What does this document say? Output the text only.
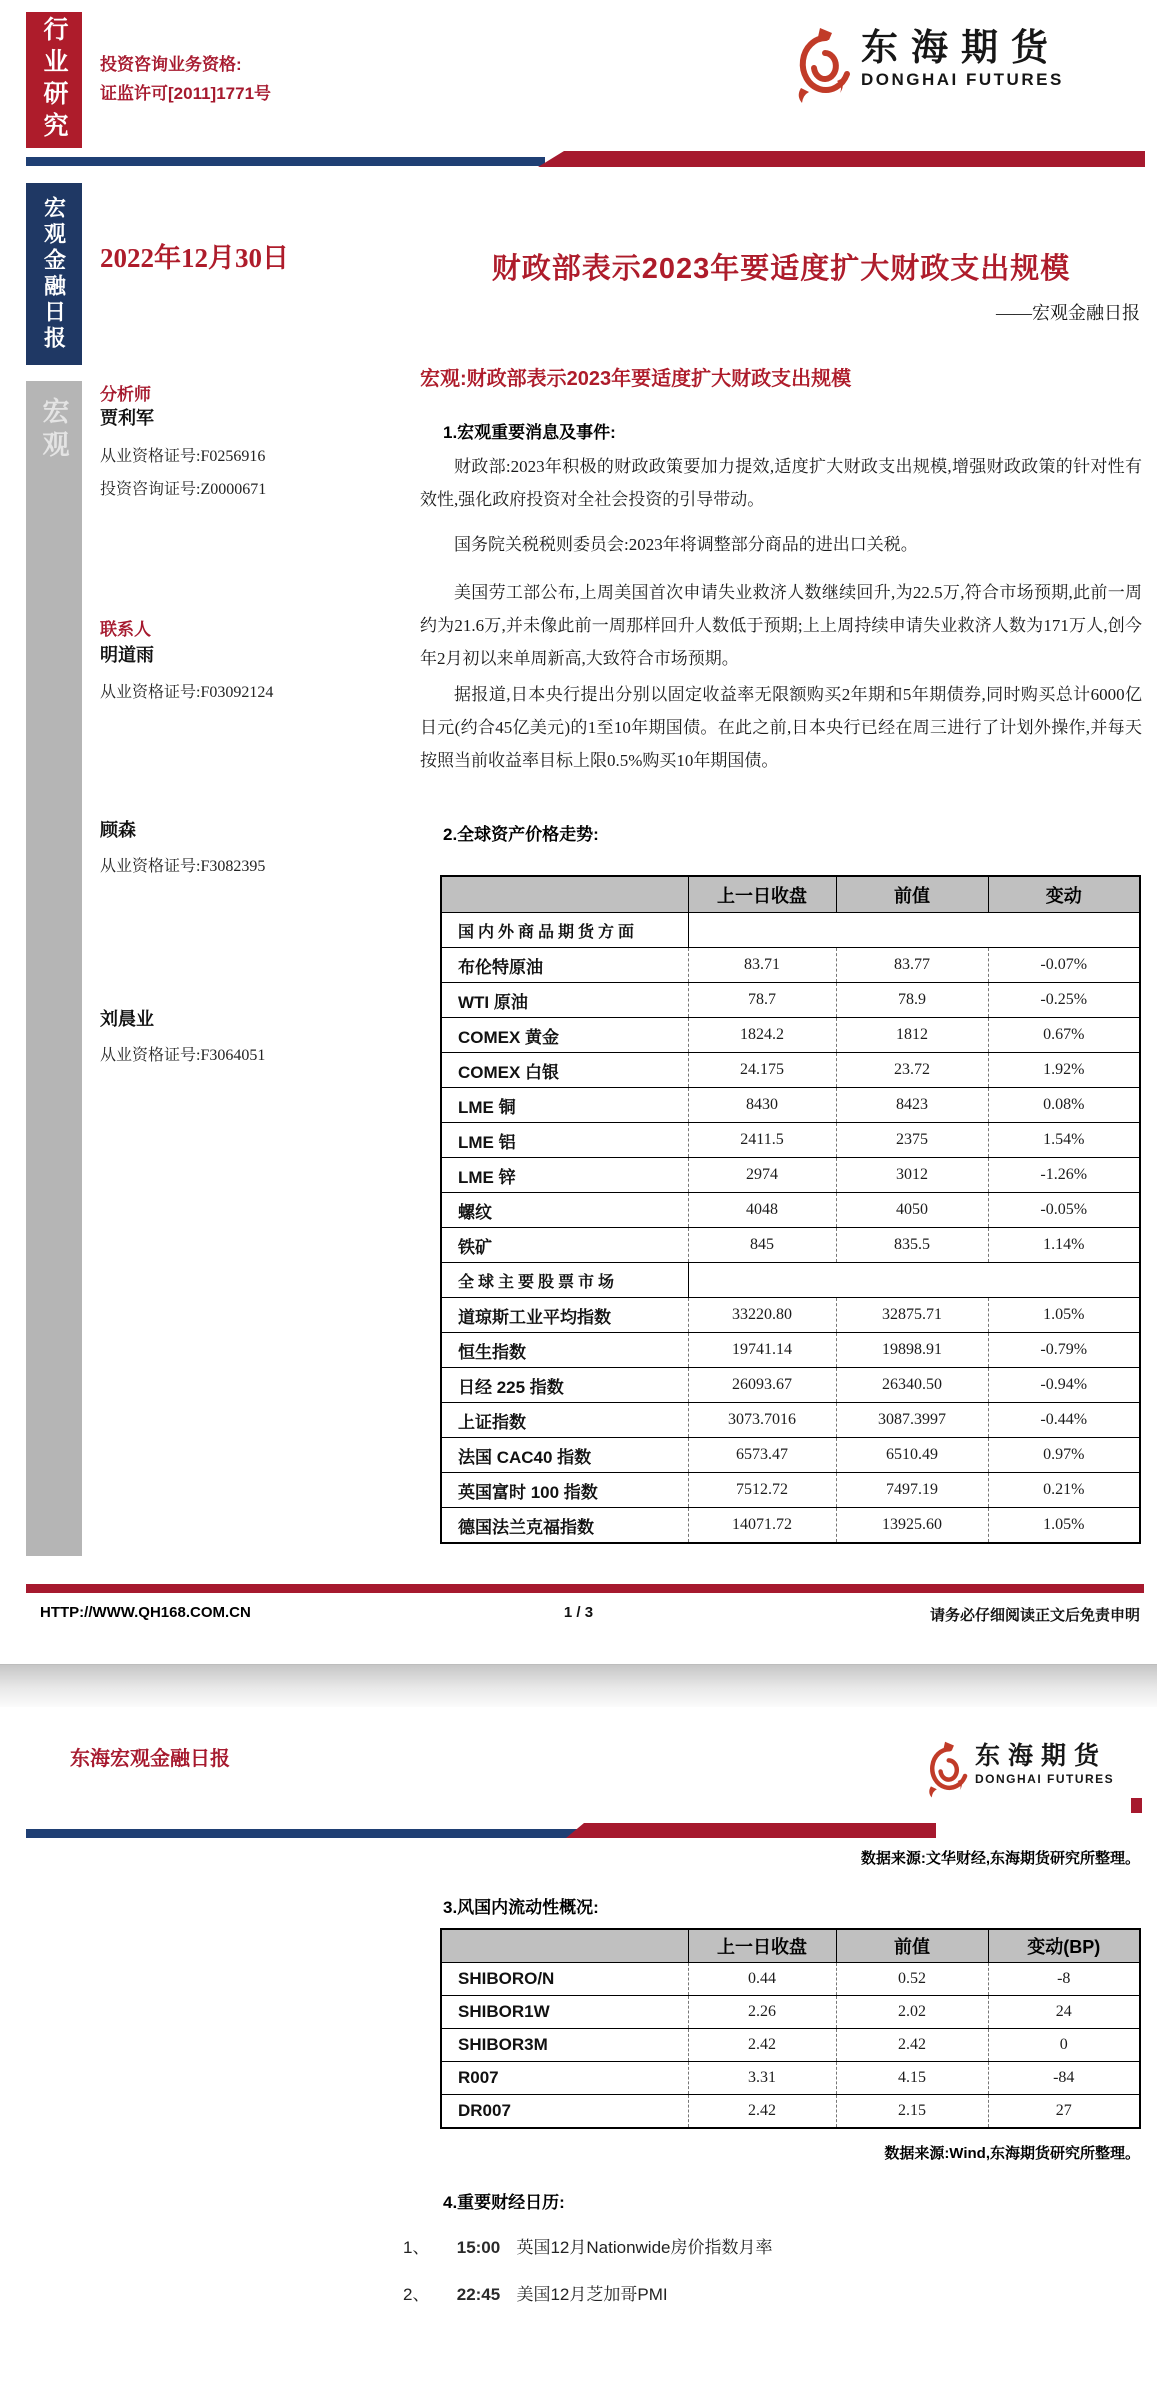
行业研究	投资咨询业务资格:
证监许可[2011]1771号
东海期货
DONGHAI FUTURES
宏观金融日报
宏观
2022年12月30日	财政部表示2023年要适度扩大财政支出规模
——宏观金融日报
分析师
贾利军
从业资格证号:F0256916
投资咨询证号:Z0000671
联系人
明道雨
从业资格证号:F03092124
顾森
从业资格证号:F3082395
刘晨业
从业资格证号:F3064051
宏观:财政部表示2023年要适度扩大财政支出规模
1.宏观重要消息及事件:

财政部:2023年积极的财政政策要加力提效,适度扩大财政支出规模,增强财政政策的针对性有效性,强化政府投资对全社会投资的引导带动。

国务院关税税则委员会:2023年将调整部分商品的进出口关税。

美国劳工部公布,上周美国首次申请失业救济人数继续回升,为22.5万,符合市场预期,此前一周约为21.6万,并未像此前一周那样回升人数低于预期;上上周持续申请失业救济人数为171万人,创今年2月初以来单周新高,大致符合市场预期。

据报道,日本央行提出分别以固定收益率无限额购买2年期和5年期债券,同时购买总计6000亿日元(约合45亿美元)的1至10年期国债。在此之前,日本央行已经在周三进行了计划外操作,并每天按照当前收益率目标上限0.5%购买10年期国债。

2.全球资产价格走势:
	上一日收盘	前值	变动
国内外商品期货方面			
布伦特原油	83.71	83.77	-0.07%
WTI 原油	78.7	78.9	-0.25%
COMEX 黄金	1824.2	1812	0.67%
COMEX 白银	24.175	23.72	1.92%
LME 铜	8430	8423	0.08%
LME 铝	2411.5	2375	1.54%
LME 锌	2974	3012	-1.26%
螺纹	4048	4050	-0.05%
铁矿	845	835.5	1.14%
全球主要股票市场			
道琼斯工业平均指数	33220.80	32875.71	1.05%
恒生指数	19741.14	19898.91	-0.79%
日经 225 指数	26093.67	26340.50	-0.94%
上证指数	3073.7016	3087.3997	-0.44%
法国 CAC40 指数	6573.47	6510.49	0.97%
英国富时 100 指数	7512.72	7497.19	0.21%
德国法兰克福指数	14071.72	13925.60	1.05%
HTTP://WWW.QH168.COM.CN	1 / 3	请务必仔细阅读正文后免责申明
东海宏观金融日报	东海期货
DONGHAI FUTURES
数据来源:文华财经,东海期货研究所整理。
3.风国内流动性概况:
	上一日收盘	前值	变动(BP)
SHIBORO/N	0.44	0.52	-8
SHIBOR1W	2.26	2.02	24
SHIBOR3M	2.42	2.42	0
R007	3.31	4.15	-84
DR007	2.42	2.15	27
数据来源:Wind,东海期货研究所整理。
4.重要财经日历:
1、 15:00 英国12月Nationwide房价指数月率
2、 22:45 美国12月芝加哥PMI
